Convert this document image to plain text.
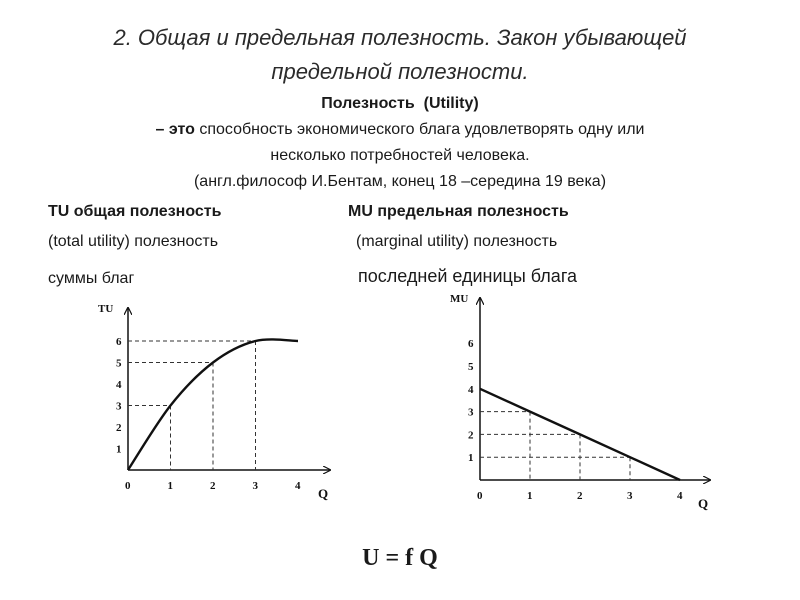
2. Общая и предельная полезность. Закон убывающей
предельной полезности.
Полезность (Utility)
– это способность экономического блага удовлетворять одну или
несколько потребностей человека.
(англ.философ И.Бентам, конец 18 –середина 19 века)
TU общая полезность
(total utility) полезность
суммы благ
MU предельная полезность
(marginal utility) полезность
последней единицы блага
TU
Q
0	1	2	3	4
1
2
3
4
5
6
MU
Q
0	1	2	3	4
1
2
3
4
5
6
U = f Q
